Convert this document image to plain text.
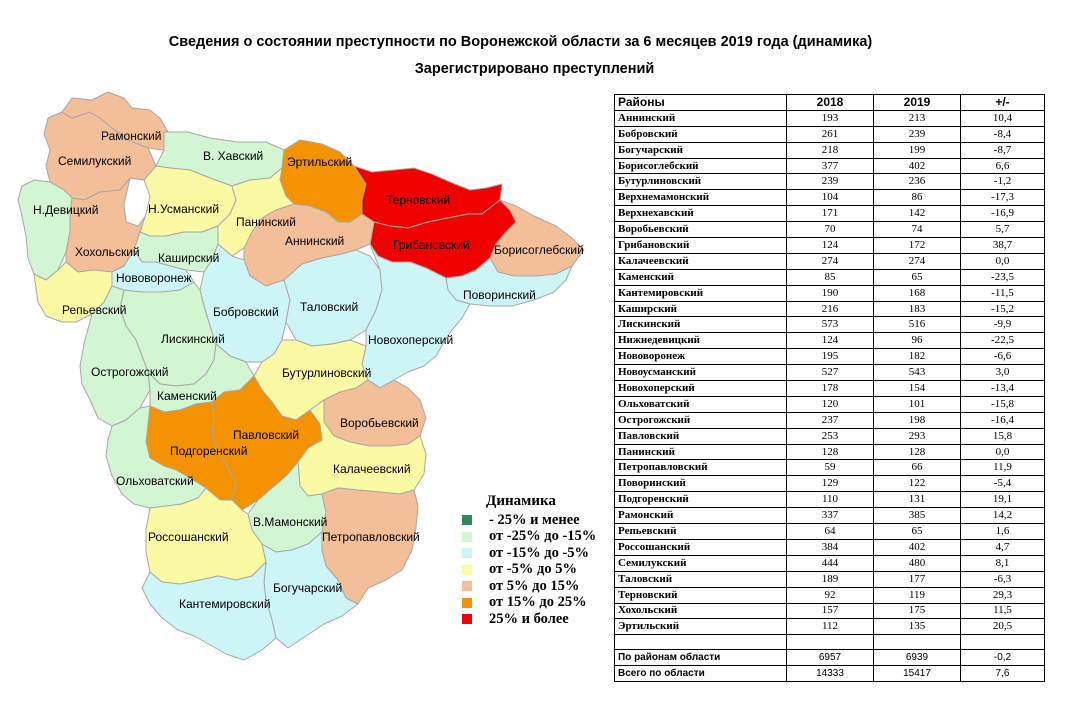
Сведения о состоянии преступности по Воронежской области за 6 месяцев 2019 года (динамика)
Зарегистрировано преступлений
Рамонский
Семилукский	В. Хавский Эртильский
Терновский
Грибановский Борисоглебский
Поворинский
Н.Девицкий	Н.Усманский
Панинский
Аннинский
Хохольский Каширский
Нововоронеж
Репьевский	Бобровский Таловский
Новохоперский
Лискинский
Острогожский	Бутурлиновский
Каменский
Воробьевский
Павловский
Подгоренский
Калачеевский
Ольховатский
В.Мамонский
Россошанский	Петропавловский
Богучарский
Кантемировский
Динамика
- 25% и менее
от -25% до -15%
от -15% до -5%
от -5% до 5%
от 5% до 15%
от 15% до 25%
25% и более
Районы	2018	2019	+/-
Аннинский	193	213	10,4
Бобровский	261	239	-8,4
Богучарский	218	199	-8,7
Борисоглебский	377	402	6,6
Бутурлиновский	239	236	-1,2
Верхнемамонский	104	86	-17,3
Верхнехавский	171	142	-16,9
Воробьевский	70	74	5,7
Грибановский	124	172	38,7
Калачеевский	274	274	0,0
Каменский	85	65	-23,5
Кантемировский	190	168	-11,5
Каширский	216	183	-15,2
Лискинский	573	516	-9,9
Нижнедевицкий	124	96	-22,5
Нововоронеж	195	182	-6,6
Новоусманский	527	543	3,0
Новохоперский	178	154	-13,4
Ольховатский	120	101	-15,8
Острогожский	237	198	-16,4
Павловский	253	293	15,8
Панинский	128	128	0,0
Петропавловский	59	66	11,9
Поворинский	129	122	-5,4
Подгоренский	110	131	19,1
Рамонский	337	385	14,2
Репьевский	64	65	1,6
Россошанский	384	402	4,7
Семилукский	444	480	8,1
Таловский	189	177	-6,3
Терновский	92	119	29,3
Хохольский	157	175	11,5
Эртильский	112	135	20,5

По районам области	6957	6939	-0,2
Всего по области	14333	15417	7,6
